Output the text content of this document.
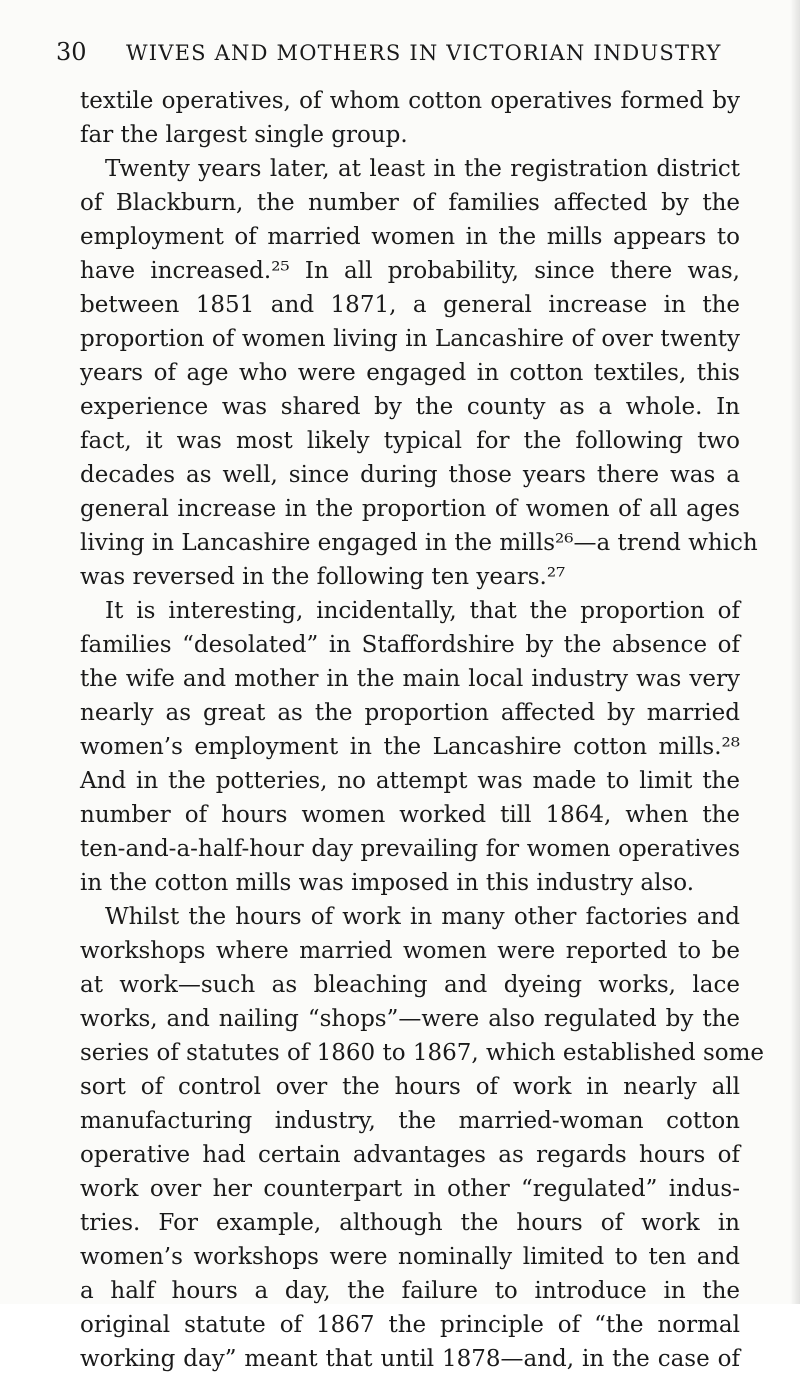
30 WIVES AND MOTHERS IN VICTORIAN INDUSTRY
textile operatives, of whom cotton operatives formed by
far the largest single group.
Twenty years later, at least in the registration district
of Blackburn, the number of families affected by the
employment of married women in the mills appears to
have increased.²⁵ In all probability, since there was,
between 1851 and 1871, a general increase in the
proportion of women living in Lancashire of over twenty
years of age who were engaged in cotton textiles, this
experience was shared by the county as a whole. In
fact, it was most likely typical for the following two
decades as well, since during those years there was a
general increase in the proportion of women of all ages
living in Lancashire engaged in the mills²⁶—a trend which
was reversed in the following ten years.²⁷
It is interesting, incidentally, that the proportion of
families “desolated” in Staffordshire by the absence of
the wife and mother in the main local industry was very
nearly as great as the proportion affected by married
women’s employment in the Lancashire cotton mills.²⁸
And in the potteries, no attempt was made to limit the
number of hours women worked till 1864, when the
ten-and-a-half-hour day prevailing for women operatives
in the cotton mills was imposed in this industry also.
Whilst the hours of work in many other factories and
workshops where married women were reported to be
at work—such as bleaching and dyeing works, lace
works, and nailing “shops”—were also regulated by the
series of statutes of 1860 to 1867, which established some
sort of control over the hours of work in nearly all
manufacturing industry, the married-woman cotton
operative had certain advantages as regards hours of
work over her counterpart in other “regulated” indus-
tries. For example, although the hours of work in
women’s workshops were nominally limited to ten and
a half hours a day, the failure to introduce in the
original statute of 1867 the principle of “the normal
working day” meant that until 1878—and, in the case of
